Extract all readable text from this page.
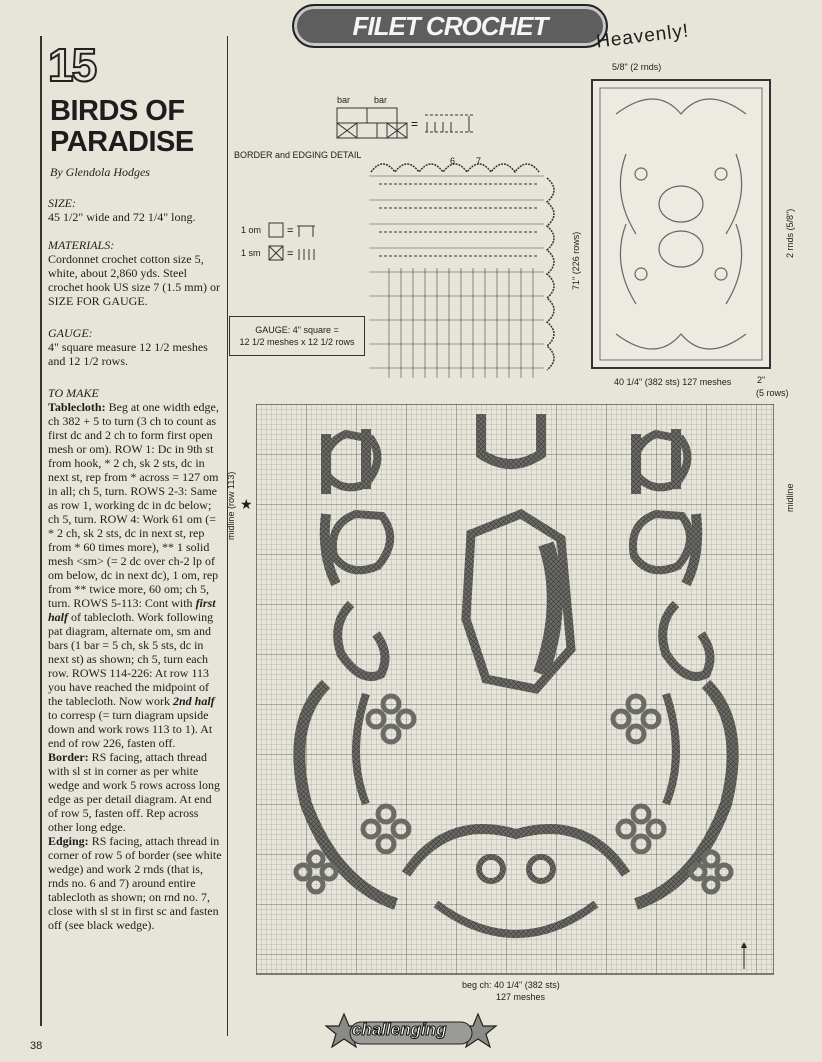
FILET CROCHET	Heavenly!
15
BIRDS OF
PARADISE
By Glendola Hodges

SIZE:

45 1/2" wide and 72 1/4" long.

MATERIALS:

Cordonnet crochet cotton size 5, white, about 2,860 yds. Steel crochet hook US size 7 (1.5 mm) or SIZE FOR GAUGE.

GAUGE:

4" square measure 12 1/2 meshes and 12 1/2 rows.

TO MAKE

Tablecloth: Beg at one width edge, ch 382 + 5 to turn (3 ch to count as first dc and 2 ch to form first open mesh or om). ROW 1: Dc in 9th st from hook, * 2 ch, sk 2 sts, dc in next st, rep from * across = 127 om in all; ch 5, turn. ROWS 2-3: Same as row 1, working dc in dc below; ch 5, turn. ROW 4: Work 61 om (= * 2 ch, sk 2 sts, dc in next st, rep from * 60 times more), ** 1 solid mesh <sm> (= 2 dc over ch-2 lp of om below, dc in next dc), 1 om, rep from ** twice more, 60 om; ch 5, turn. ROWS 5-113: Cont with first half of tablecloth. Work following pat diagram, alternate om, sm and bars (1 bar = 5 ch, sk 5 sts, dc in next st) as shown; ch 5, turn each row. ROWS 114-226: At row 113 you have reached the midpoint of the tablecloth. Now work 2nd half to corresp (= turn diagram upside down and work rows 113 to 1). At end of row 226, fasten off.

Border: RS facing, attach thread with sl st in corner as per white wedge and work 5 rows across long edge as per detail diagram. At end of row 5, fasten off. Rep across other long edge.

Edging: RS facing, attach thread in corner of row 5 of border (see white wedge) and work 2 rnds (that is, rnds no. 6 and 7) around entire tablecloth as shown; on rnd no. 7, close with sl st in first sc and fasten off (see black wedge).

=
=
=
bar	bar
BORDER and EDGING DETAIL
6 7
1 om
1 sm
GAUGE: 4" square =
12 1/2 meshes x 12 1/2 rows
5/8" (2 rnds)
71" (226 rows)	2 rnds (5/8")
40 1/4" (382 sts) 127 meshes	2"
(5 rows)
midline (row 113) ★	midline
beg ch: 40 1/4" (382 sts)
127 meshes
challenging
38
